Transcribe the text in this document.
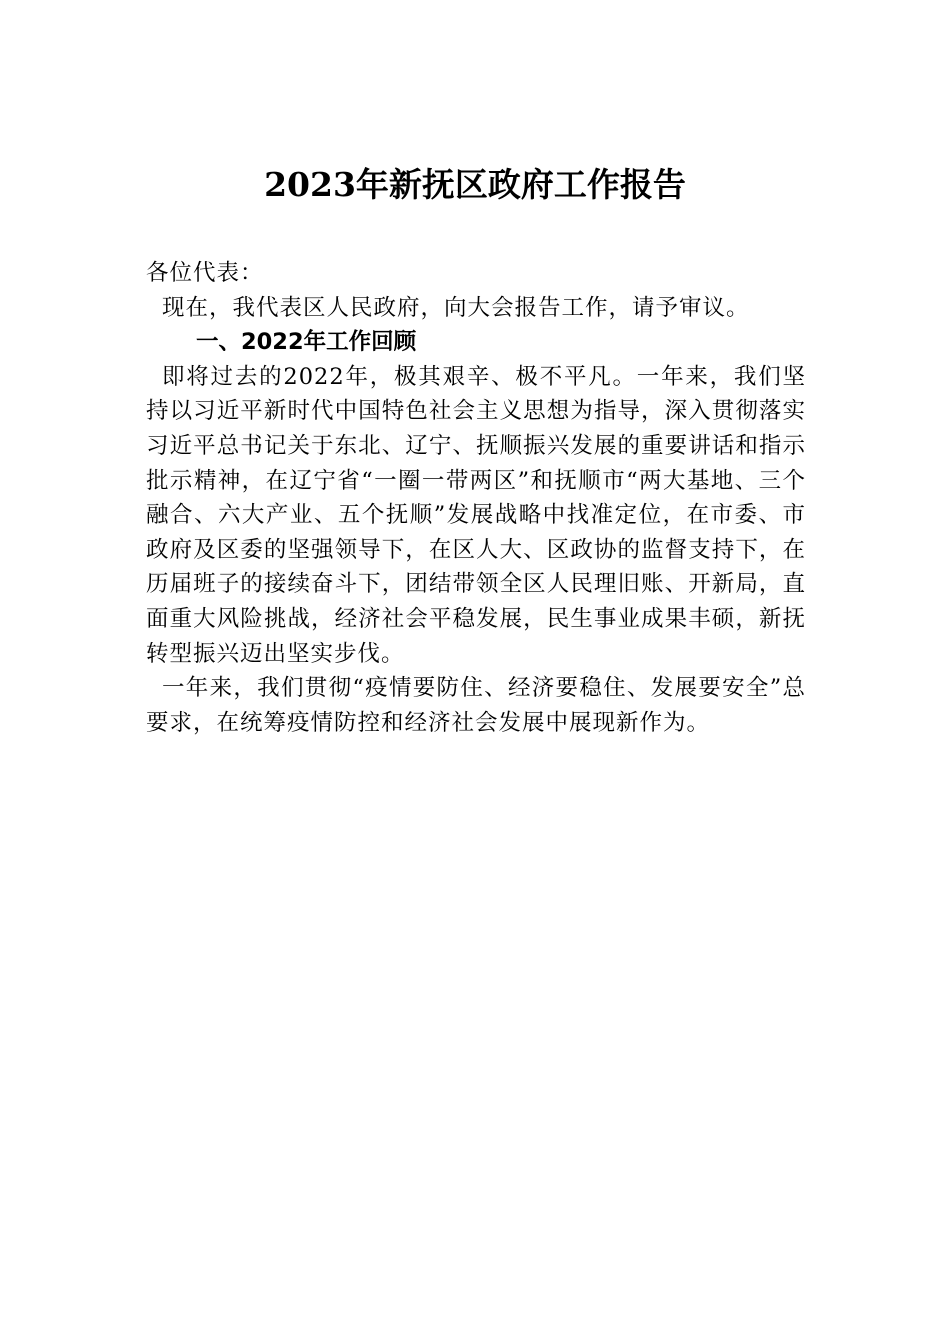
2023年新抚区政府工作报告

各位代表：

现在，我代表区人民政府，向大会报告工作，请予审议。

一、2022年工作回顾

即将过去的2022年，极其艰辛、极不平凡。一年来，我们坚持以习近平新时代中国特色社会主义思想为指导，深入贯彻落实习近平总书记关于东北、辽宁、抚顺振兴发展的重要讲话和指示批示精神，在辽宁省“一圈一带两区”和抚顺市“两大基地、三个融合、六大产业、五个抚顺”发展战略中找准定位，在市委、市政府及区委的坚强领导下，在区人大、区政协的监督支持下，在历届班子的接续奋斗下，团结带领全区人民理旧账、开新局，直面重大风险挑战，经济社会平稳发展，民生事业成果丰硕，新抚转型振兴迈出坚实步伐。

一年来，我们贯彻“疫情要防住、经济要稳住、发展要安全”总要求，在统筹疫情防控和经济社会发展中展现新作为。
